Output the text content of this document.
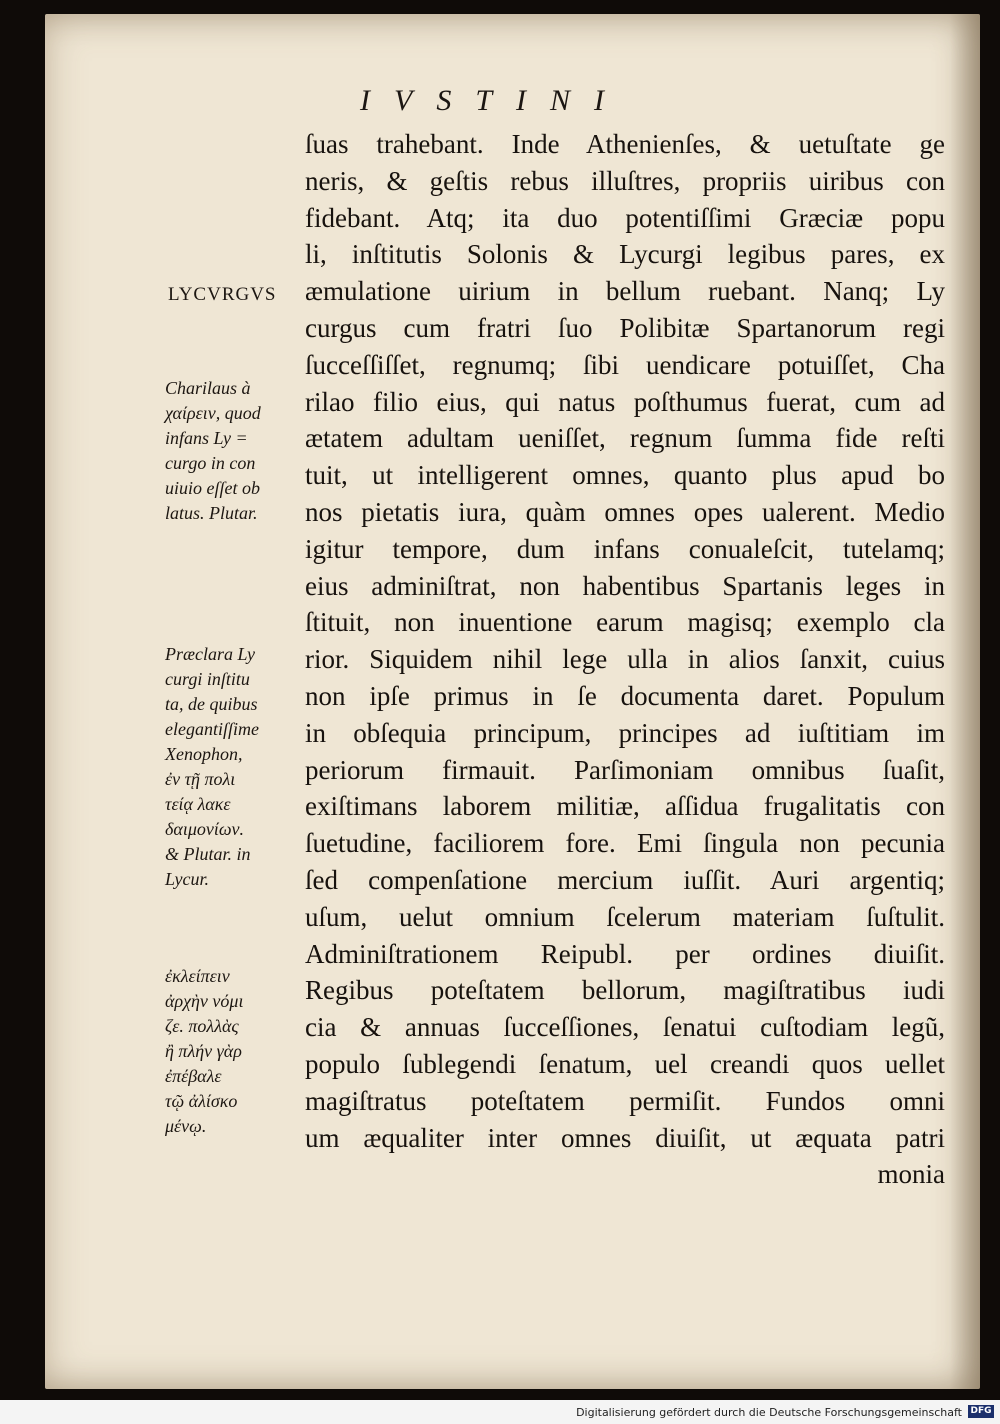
IVSTINI
LYCVRGVS
Charilaus à
χαίρειν, quod
infans Ly =
curgo in con
uiuio eſſet ob
latus. Plutar.
Præclara Ly
curgi inſtitu
ta, de quibus
elegantiſſime
Xenophon,
ἐν τῇ πολι
τείᾳ λακε
δαιμονίων.
& Plutar. in
Lycur.
ἐκλείπειν
ἀρχὴν νόμι
ζε. πολλὰς
ἢ πλήν γὰρ
ἐπέβαλε
τῷ ἀλίσκο
μένῳ.
ſuas trahebant. Inde Athenienſes, & uetuſtate ge
neris, & geſtis rebus illuſtres, propriis uiribus con
fidebant. Atq; ita duo potentiſſimi Græciæ popu
li, inſtitutis Solonis & Lycurgi legibus pares, ex
æmulatione uirium in bellum ruebant. Nanq; Ly
curgus cum fratri ſuo Polibitæ Spartanorum regi
ſucceſſiſſet, regnumq; ſibi uendicare potuiſſet, Cha
rilao filio eius, qui natus poſthumus fuerat, cum ad
ætatem adultam ueniſſet, regnum ſumma fide reſti
tuit, ut intelligerent omnes, quanto plus apud bo
nos pietatis iura, quàm omnes opes ualerent. Medio
igitur tempore, dum infans conualeſcit, tutelamq;
eius adminiſtrat, non habentibus Spartanis leges in
ſtituit, non inuentione earum magisq; exemplo cla
rior. Siquidem nihil lege ulla in alios ſanxit, cuius
non ipſe primus in ſe documenta daret. Populum
in obſequia principum, principes ad iuſtitiam im
periorum firmauit. Parſimoniam omnibus ſuaſit,
exiſtimans laborem militiæ, aſſidua frugalitatis con
ſuetudine, faciliorem fore. Emi ſingula non pecunia
ſed compenſatione mercium iuſſit. Auri argentiq;
uſum, uelut omnium ſcelerum materiam ſuſtulit.
Adminiſtrationem Reipubl. per ordines diuiſit.
Regibus poteſtatem bellorum, magiſtratibus iudi
cia & annuas ſucceſſiones, ſenatui cuſtodiam legũ,
populo ſublegendi ſenatum, uel creandi quos uellet
magiſtratus poteſtatem permiſit. Fundos omni
um æqualiter inter omnes diuiſit, ut æquata patri
monia
Digitalisierung gefördert durch die Deutsche Forschungsgemeinschaft DFG
